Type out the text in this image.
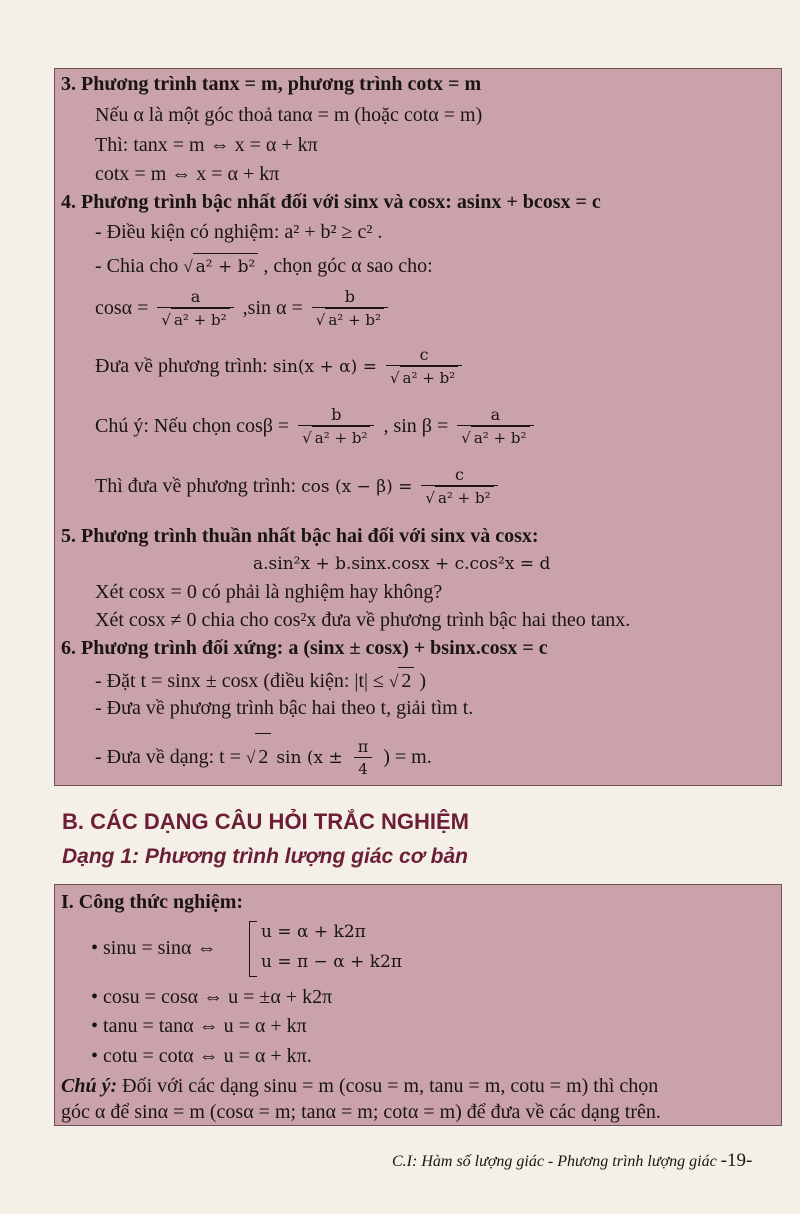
3. Phương trình tanx = m, phương trình cotx = m
Nếu α là một góc thoả tanα = m (hoặc cotα = m)
Thì: tanx = m ⇔ x = α + kπ
cotx = m ⇔ x = α + kπ
4. Phương trình bậc nhất đối với sinx và cosx: asinx + bcosx = c
- Điều kiện có nghiệm: a² + b² ≥ c² .
- Chia cho √ a² + b² , chọn góc α sao cho:
$\cos\alpha = \frac{a}{\text{√ a² + b²}} ,\sin$ $\alpha = \frac{b}{\text{√ a² + b²}}$
Đưa về phương trình: $\sin(x + \alpha) = \frac{c}{\text{√ a² + b²}}$
Chú ý: Nếu chọn $\cos\beta = \frac{b}{\text{√ a² + b²}}$ , $\sin \beta = \frac{a}{\text{√ a² + b²}}$
Thì đưa về phương trình: $\cos (x - \beta) = \frac{c}{\text{√ a² + b²}}$
5. Phương trình thuần nhất bậc hai đối với sinx và cosx:
a.sin²x + b.sinx.cosx + c.cos²x = d
Xét cosx = 0 có phải là nghiệm hay không?
Xét cosx ≠ 0 chia cho cos²x đưa về phương trình bậc hai theo tanx.
6. Phương trình đối xứng: a (sinx ± cosx) + bsinx.cosx = c
- Đặt t = sinx ± cosx (điều kiện: |t| ≤ √ 2 )
- Đưa về phương trình bậc hai theo t, giải tìm t.
- Đưa về dạng: t = √ 2 $\sin (x \pm \frac{\pi}{4}$ ) = m.
B. CÁC DẠNG CÂU HỎI TRẮC NGHIỆM
Dạng 1: Phương trình lượng giác cơ bản
I. Công thức nghiệm:
• sinu = sinα ⇔
u = α + k2π
u = π − α + k2π
• cosu = cosα ⇔ u = ±α + k2π
• tanu = tanα ⇔ u = α + kπ
• cotu = cotα ⇔ u = α + kπ.
Chú ý: Đối với các dạng sinu = m (cosu = m, tanu = m, cotu = m) thì chọn
góc α để sinα = m (cosα = m; tanα = m; cotα = m) để đưa về các dạng trên.
C.I: Hàm số lượng giác - Phương trình lượng giác -19-
